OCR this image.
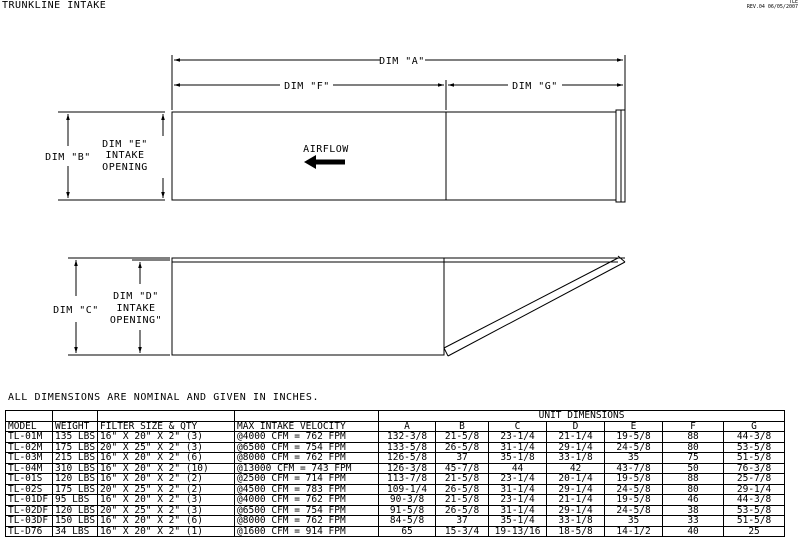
TRUNKLINE INTAKE	TLE
REV.04 06/05/2007
DIM "A"
DIM "F"	DIM "G"
DIM "B"
DIM "E"
INTAKE
OPENING
AIRFLOW
DIM "C"
DIM "D"
INTAKE
OPENING"
ALL DIMENSIONS ARE NOMINAL AND GIVEN IN INCHES.
				UNIT DIMENSIONS						
MODEL	WEIGHT	FILTER SIZE & QTY	MAX INTAKE VELOCITY	A	B	C	D	E	F	G
TL-01M	135 LBS	16" X 20" X 2" (3)	@4000 CFM = 762 FPM	132-3/8	21-5/8	23-1/4	21-1/4	19-5/8	88	44-3/8
TL-02M	175 LBS	20" X 25" X 2" (3)	@6500 CFM = 754 FPM	133-5/8	26-5/8	31-1/4	29-1/4	24-5/8	80	53-5/8
TL-03M	215 LBS	16" X 20" X 2" (6)	@8000 CFM = 762 FPM	126-5/8	37	35-1/8	33-1/8	35	75	51-5/8
TL-04M	310 LBS	16" X 20" X 2" (10)	@13000 CFM = 743 FPM	126-3/8	45-7/8	44	42	43-7/8	50	76-3/8
TL-01S	120 LBS	16" X 20" X 2" (2)	@2500 CFM = 714 FPM	113-7/8	21-5/8	23-1/4	20-1/4	19-5/8	88	25-7/8
TL-02S	175 LBS	20" X 25" X 2" (2)	@4500 CFM = 783 FPM	109-1/4	26-5/8	31-1/4	29-1/4	24-5/8	80	29-1/4
TL-01DF	95 LBS	16" X 20" X 2" (3)	@4000 CFM = 762 FPM	90-3/8	21-5/8	23-1/4	21-1/4	19-5/8	46	44-3/8
TL-02DF	120 LBS	20" X 25" X 2" (3)	@6500 CFM = 754 FPM	91-5/8	26-5/8	31-1/4	29-1/4	24-5/8	38	53-5/8
TL-03DF	150 LBS	16" X 20" X 2" (6)	@8000 CFM = 762 FPM	84-5/8	37	35-1/4	33-1/8	35	33	51-5/8
TL-D76	34 LBS	16" X 20" X 2" (1)	@1600 CFM = 914 FPM	65	15-3/4	19-13/16	18-5/8	14-1/2	40	25
